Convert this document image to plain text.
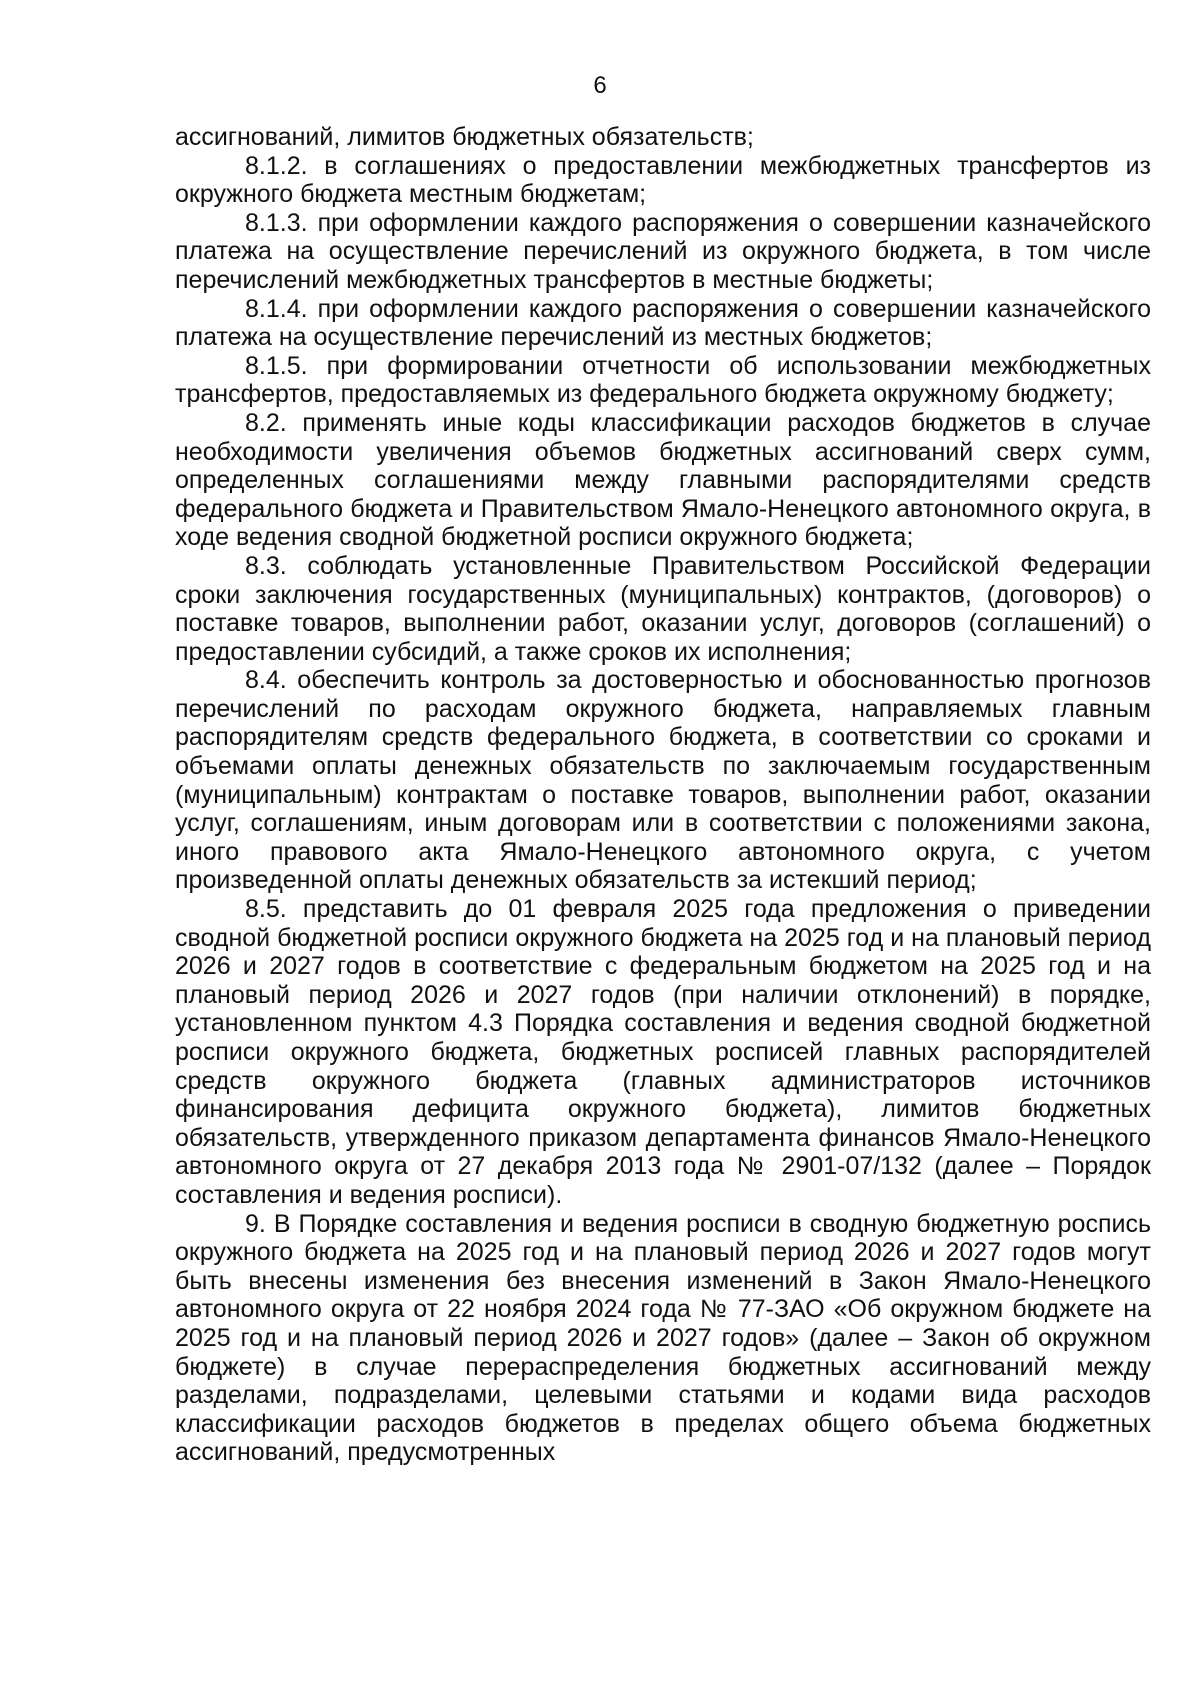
6

ассигнований, лимитов бюджетных обязательств;

8.1.2. в соглашениях о предоставлении межбюджетных трансфертов из окружного бюджета местным бюджетам;

8.1.3. при оформлении каждого распоряжения о совершении казначейского платежа на осуществление перечислений из окружного бюджета, в том числе перечислений межбюджетных трансфертов в местные бюджеты;

8.1.4. при оформлении каждого распоряжения о совершении казначейского платежа на осуществление перечислений из местных бюджетов;

8.1.5. при формировании отчетности об использовании межбюджетных трансфертов, предоставляемых из федерального бюджета окружному бюджету;

8.2. применять иные коды классификации расходов бюджетов в случае необходимости увеличения объемов бюджетных ассигнований сверх сумм, определенных соглашениями между главными распорядителями средств федерального бюджета и Правительством Ямало-Ненецкого автономного округа, в ходе ведения сводной бюджетной росписи окружного бюджета;

8.3. соблюдать установленные Правительством Российской Федерации сроки заключения государственных (муниципальных) контрактов, (договоров) о поставке товаров, выполнении работ, оказании услуг, договоров (соглашений) о предоставлении субсидий, а также сроков их исполнения;

8.4. обеспечить контроль за достоверностью и обоснованностью прогнозов перечислений по расходам окружного бюджета, направляемых главным распорядителям средств федерального бюджета, в соответствии со сроками и объемами оплаты денежных обязательств по заключаемым государственным (муниципальным) контрактам о поставке товаров, выполнении работ, оказании услуг, соглашениям, иным договорам или в соответствии с положениями закона, иного правового акта Ямало-Ненецкого автономного округа, с учетом произведенной оплаты денежных обязательств за истекший период;

8.5. представить до 01 февраля 2025 года предложения о приведении сводной бюджетной росписи окружного бюджета на 2025 год и на плановый период 2026 и 2027 годов в соответствие с федеральным бюджетом на 2025 год и на плановый период 2026 и 2027 годов (при наличии отклонений) в порядке, установленном пунктом 4.3 Порядка составления и ведения сводной бюджетной росписи окружного бюджета, бюджетных росписей главных распорядителей средств окружного бюджета (главных администраторов источников финансирования дефицита окружного бюджета), лимитов бюджетных обязательств, утвержденного приказом департамента финансов Ямало-Ненецкого автономного округа от 27 декабря 2013 года № 2901-07/132 (далее – Порядок составления и ведения росписи).

9. В Порядке составления и ведения росписи в сводную бюджетную роспись окружного бюджета на 2025 год и на плановый период 2026 и 2027 годов могут быть внесены изменения без внесения изменений в Закон Ямало-Ненецкого автономного округа от 22 ноября 2024 года № 77-ЗАО «Об окружном бюджете на 2025 год и на плановый период 2026 и 2027 годов» (далее – Закон об окружном бюджете) в случае перераспределения бюджетных ассигнований между разделами, подразделами, целевыми статьями и кодами вида расходов классификации расходов бюджетов в пределах общего объема бюджетных ассигнований, предусмотренных
